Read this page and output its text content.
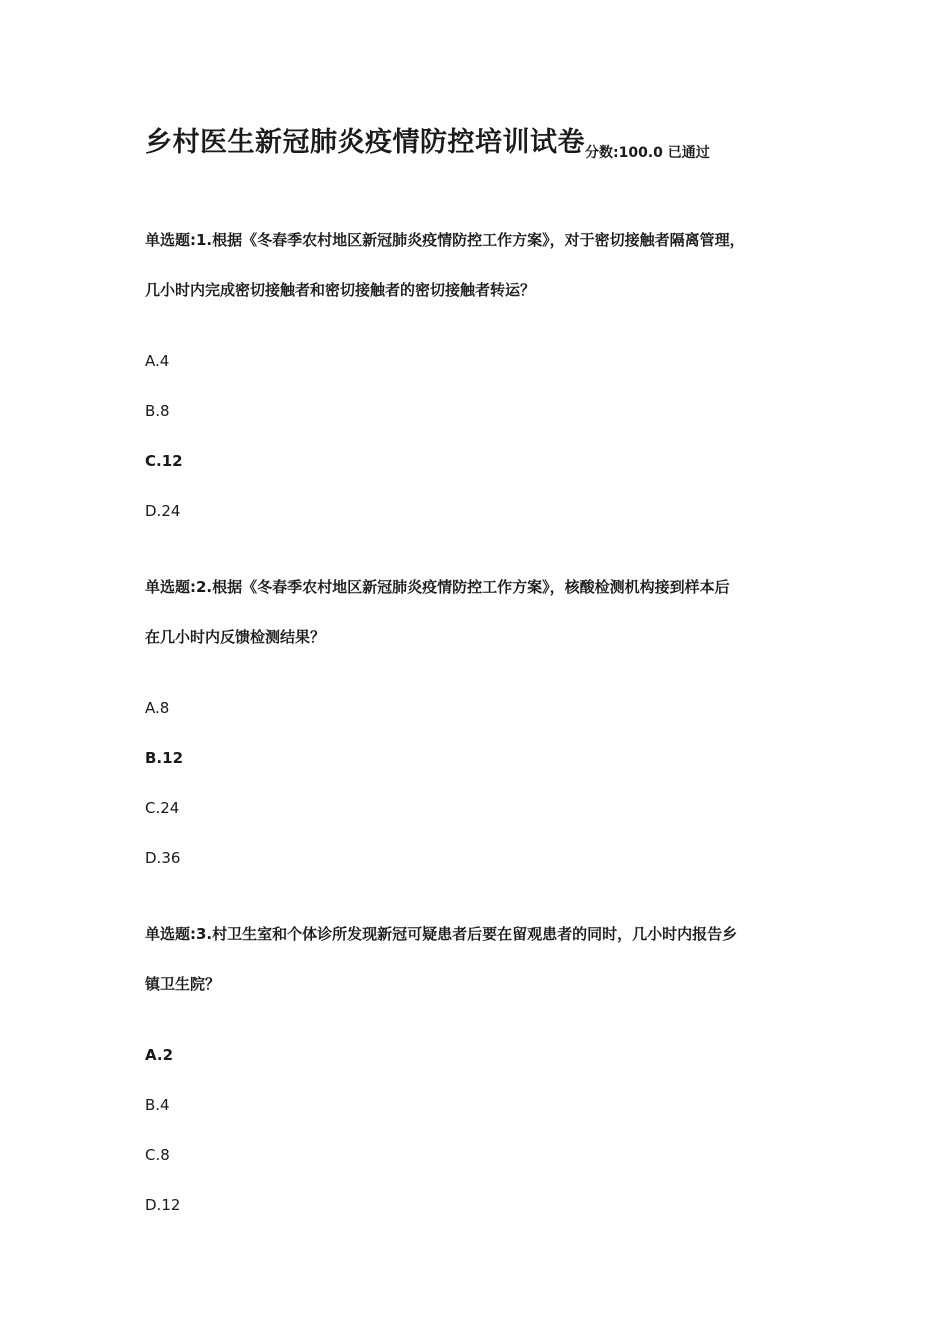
乡村医生新冠肺炎疫情防控培训试卷分数:100.0 已通过
单选题:1.根据《冬春季农村地区新冠肺炎疫情防控工作方案》，对于密切接触者隔离管理，
几小时内完成密切接触者和密切接触者的密切接触者转运？
A.4
B.8
C.12
D.24
单选题:2.根据《冬春季农村地区新冠肺炎疫情防控工作方案》，核酸检测机构接到样本后
在几小时内反馈检测结果？
A.8
B.12
C.24
D.36
单选题:3.村卫生室和个体诊所发现新冠可疑患者后要在留观患者的同时，几小时内报告乡
镇卫生院？
A.2
B.4
C.8
D.12
